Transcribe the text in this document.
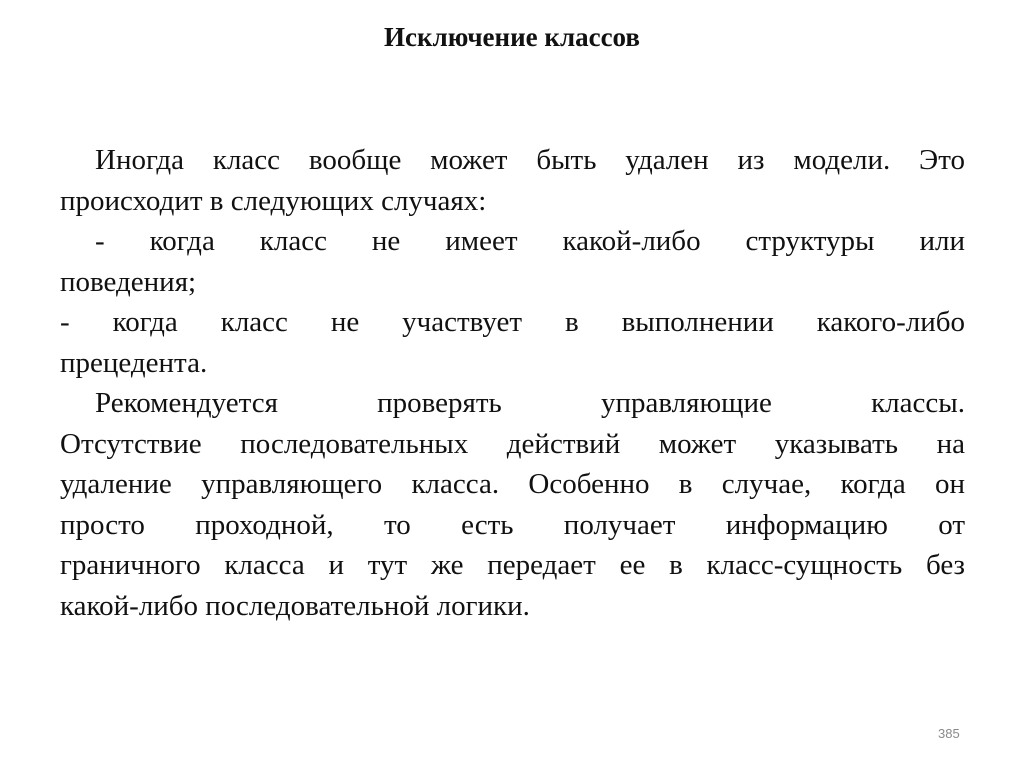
Исключение классов
Иногда класс вообще может быть удален из модели. Это
происходит в следующих случаях:
- когда класс не имеет какой-либо структуры или
поведения;
- когда класс не участвует в выполнении какого-либо
прецедента.
Рекомендуется проверять управляющие классы.
Отсутствие последовательных действий может указывать на
удаление управляющего класса. Особенно в случае, когда он
просто проходной, то есть получает информацию от
граничного класса и тут же передает ее в класс-сущность без
какой-либо последовательной логики.
385
